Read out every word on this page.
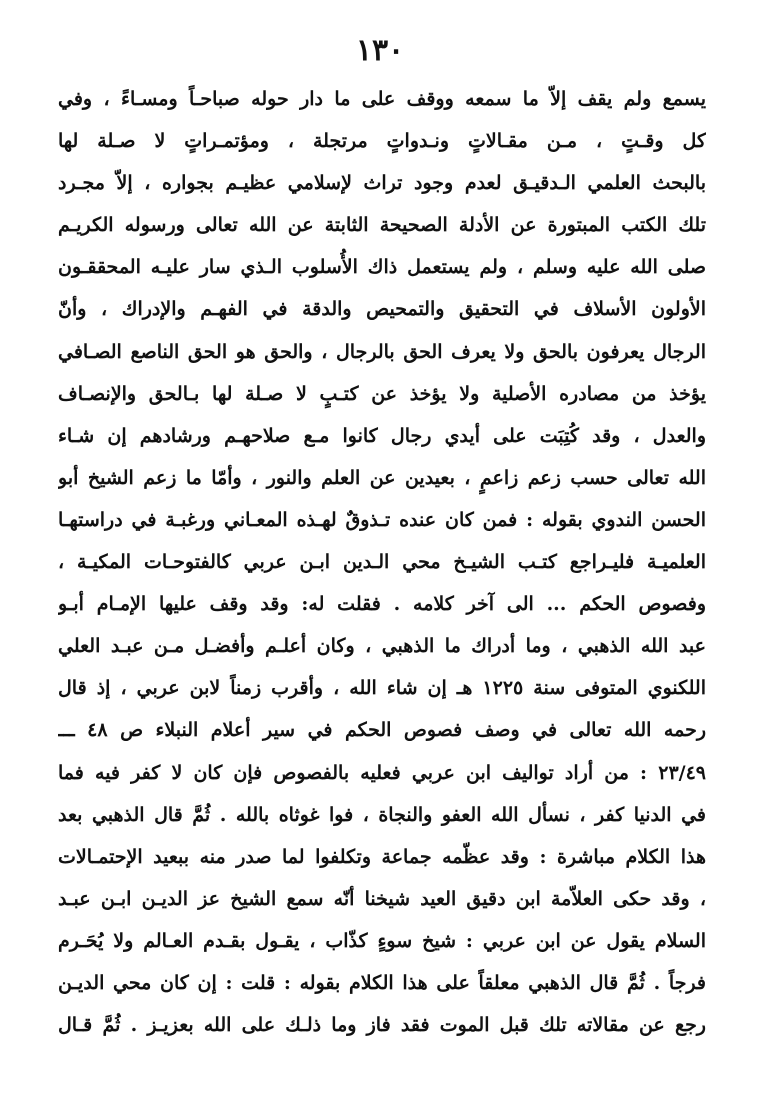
١٣٠
يسمع ولم يقف إلاّ ما سمعه ووقف على ما دار حوله صباحـاً ومسـاءً ، وفي
كل وقـتٍ ، مـن مقـالاتٍ ونـدواتٍ مرتجلة ، ومؤتمـراتٍ لا صـلة لها
بالبحث العلمي الـدقيـق لعدم وجود تراث لإسلامي عظيـم بجواره ، إلاّ مجـرد
تلك الكتب المبتورة عن الأدلة الصحيحة الثابتة عن الله تعالى ورسوله الكريـم
صلى الله عليه وسلم ، ولم يستعمل ذاك الأُسلوب الـذي سار عليـه المحققـون
الأولون الأسلاف في التحقيق والتمحيص والدقة في الفهـم والإدراك ، وأنّ
الرجال يعرفون بالحق ولا يعرف الحق بالرجال ، والحق هو الحق الناصع الصـافي
يؤخذ من مصادره الأصلية ولا يؤخذ عن كتـبٍ لا صـلة لها بـالحق والإنصـاف
والعدل ، وقد كُتِبَت على أيدي رجال كانوا مـع صلاحهـم ورشادهم إن شـاء
الله تعالى حسب زعم زاعمٍ ، بعيدين عن العلم والنور ، وأمّا ما زعم الشيخ أبو
الحسن الندوي بقوله : فمن كان عنده تـذوقٌ لهـذه المعـاني ورغبـة في دراستهـا
العلميـة فليـراجع كتـب الشيـخ محي الـدين ابـن عربي كالفتوحـات المكيـة ،
وفصوص الحكم ... الى آخر كلامه . فقلت له: وقد وقف عليها الإمـام أبـو
عبد الله الذهبي ، وما أدراك ما الذهبي ، وكان أعلـم وأفضـل مـن عبـد العلي
اللكنوي المتوفى سنة ١٢٢٥ هـ إن شاء الله ، وأقرب زمناً لابن عربي ، إذ قال
رحمه الله تعالى في وصف فصوص الحكم في سير أعلام النبلاء ص ٤٨ ـــ
٢٣/٤٩ : من أراد تواليف ابن عربي فعليه بالفصوص فإن كان لا كفر فيه فما
في الدنيا كفر ، نسأل الله العفو والنجاة ، فوا غوثاه بالله . ثُمَّ قال الذهبي بعد
هذا الكلام مباشرة : وقد عظّمه جماعة وتكلفوا لما صدر منه ببعيد الإحتمـالات
، وقد حكى العلاّمة ابن دقيق العيد شيخنا أنّه سمع الشيخ عز الديـن ابـن عبـد
السلام يقول عن ابن عربي : شيخ سوءٍ كذّاب ، يقـول بقـدم العـالم ولا يُحَـرم
فرجاً . ثُمَّ قال الذهبي معلقاً على هذا الكلام بقوله : قلت : إن كان محي الديـن
رجع عن مقالاته تلك قبل الموت فقد فاز وما ذلـك على الله بعزيـز . ثُمَّ قـال
